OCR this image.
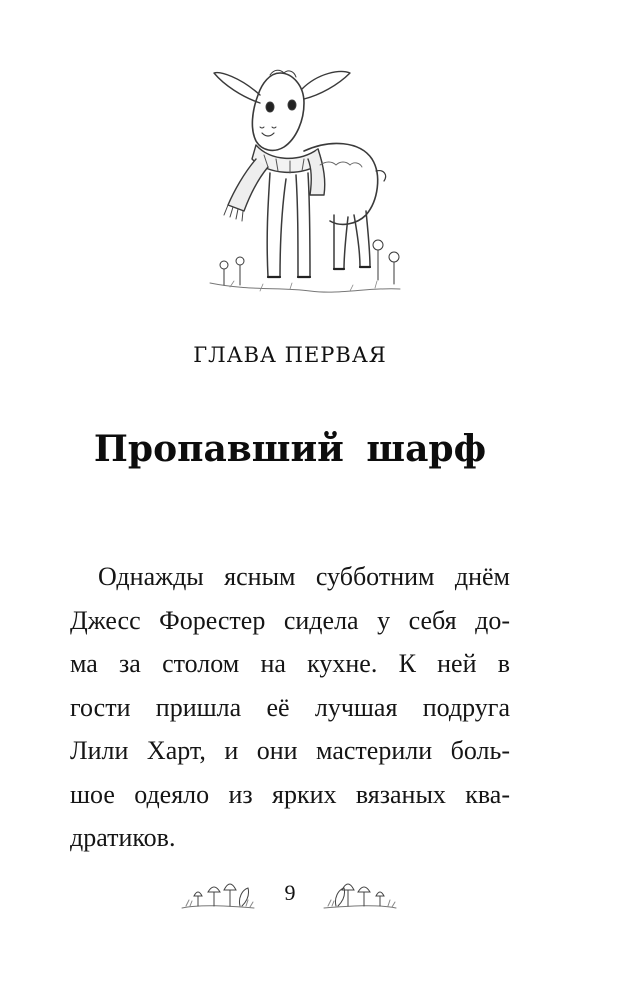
ГЛАВА ПЕРВАЯ
Пропавший шарф
Однажды ясным субботним днём
Джесс Форестер сидела у себя до-
ма за столом на кухне. К ней в
гости пришла её лучшая подруга
Лили Харт, и они мастерили боль-
шое одеяло из ярких вязаных ква-
дратиков.
9
